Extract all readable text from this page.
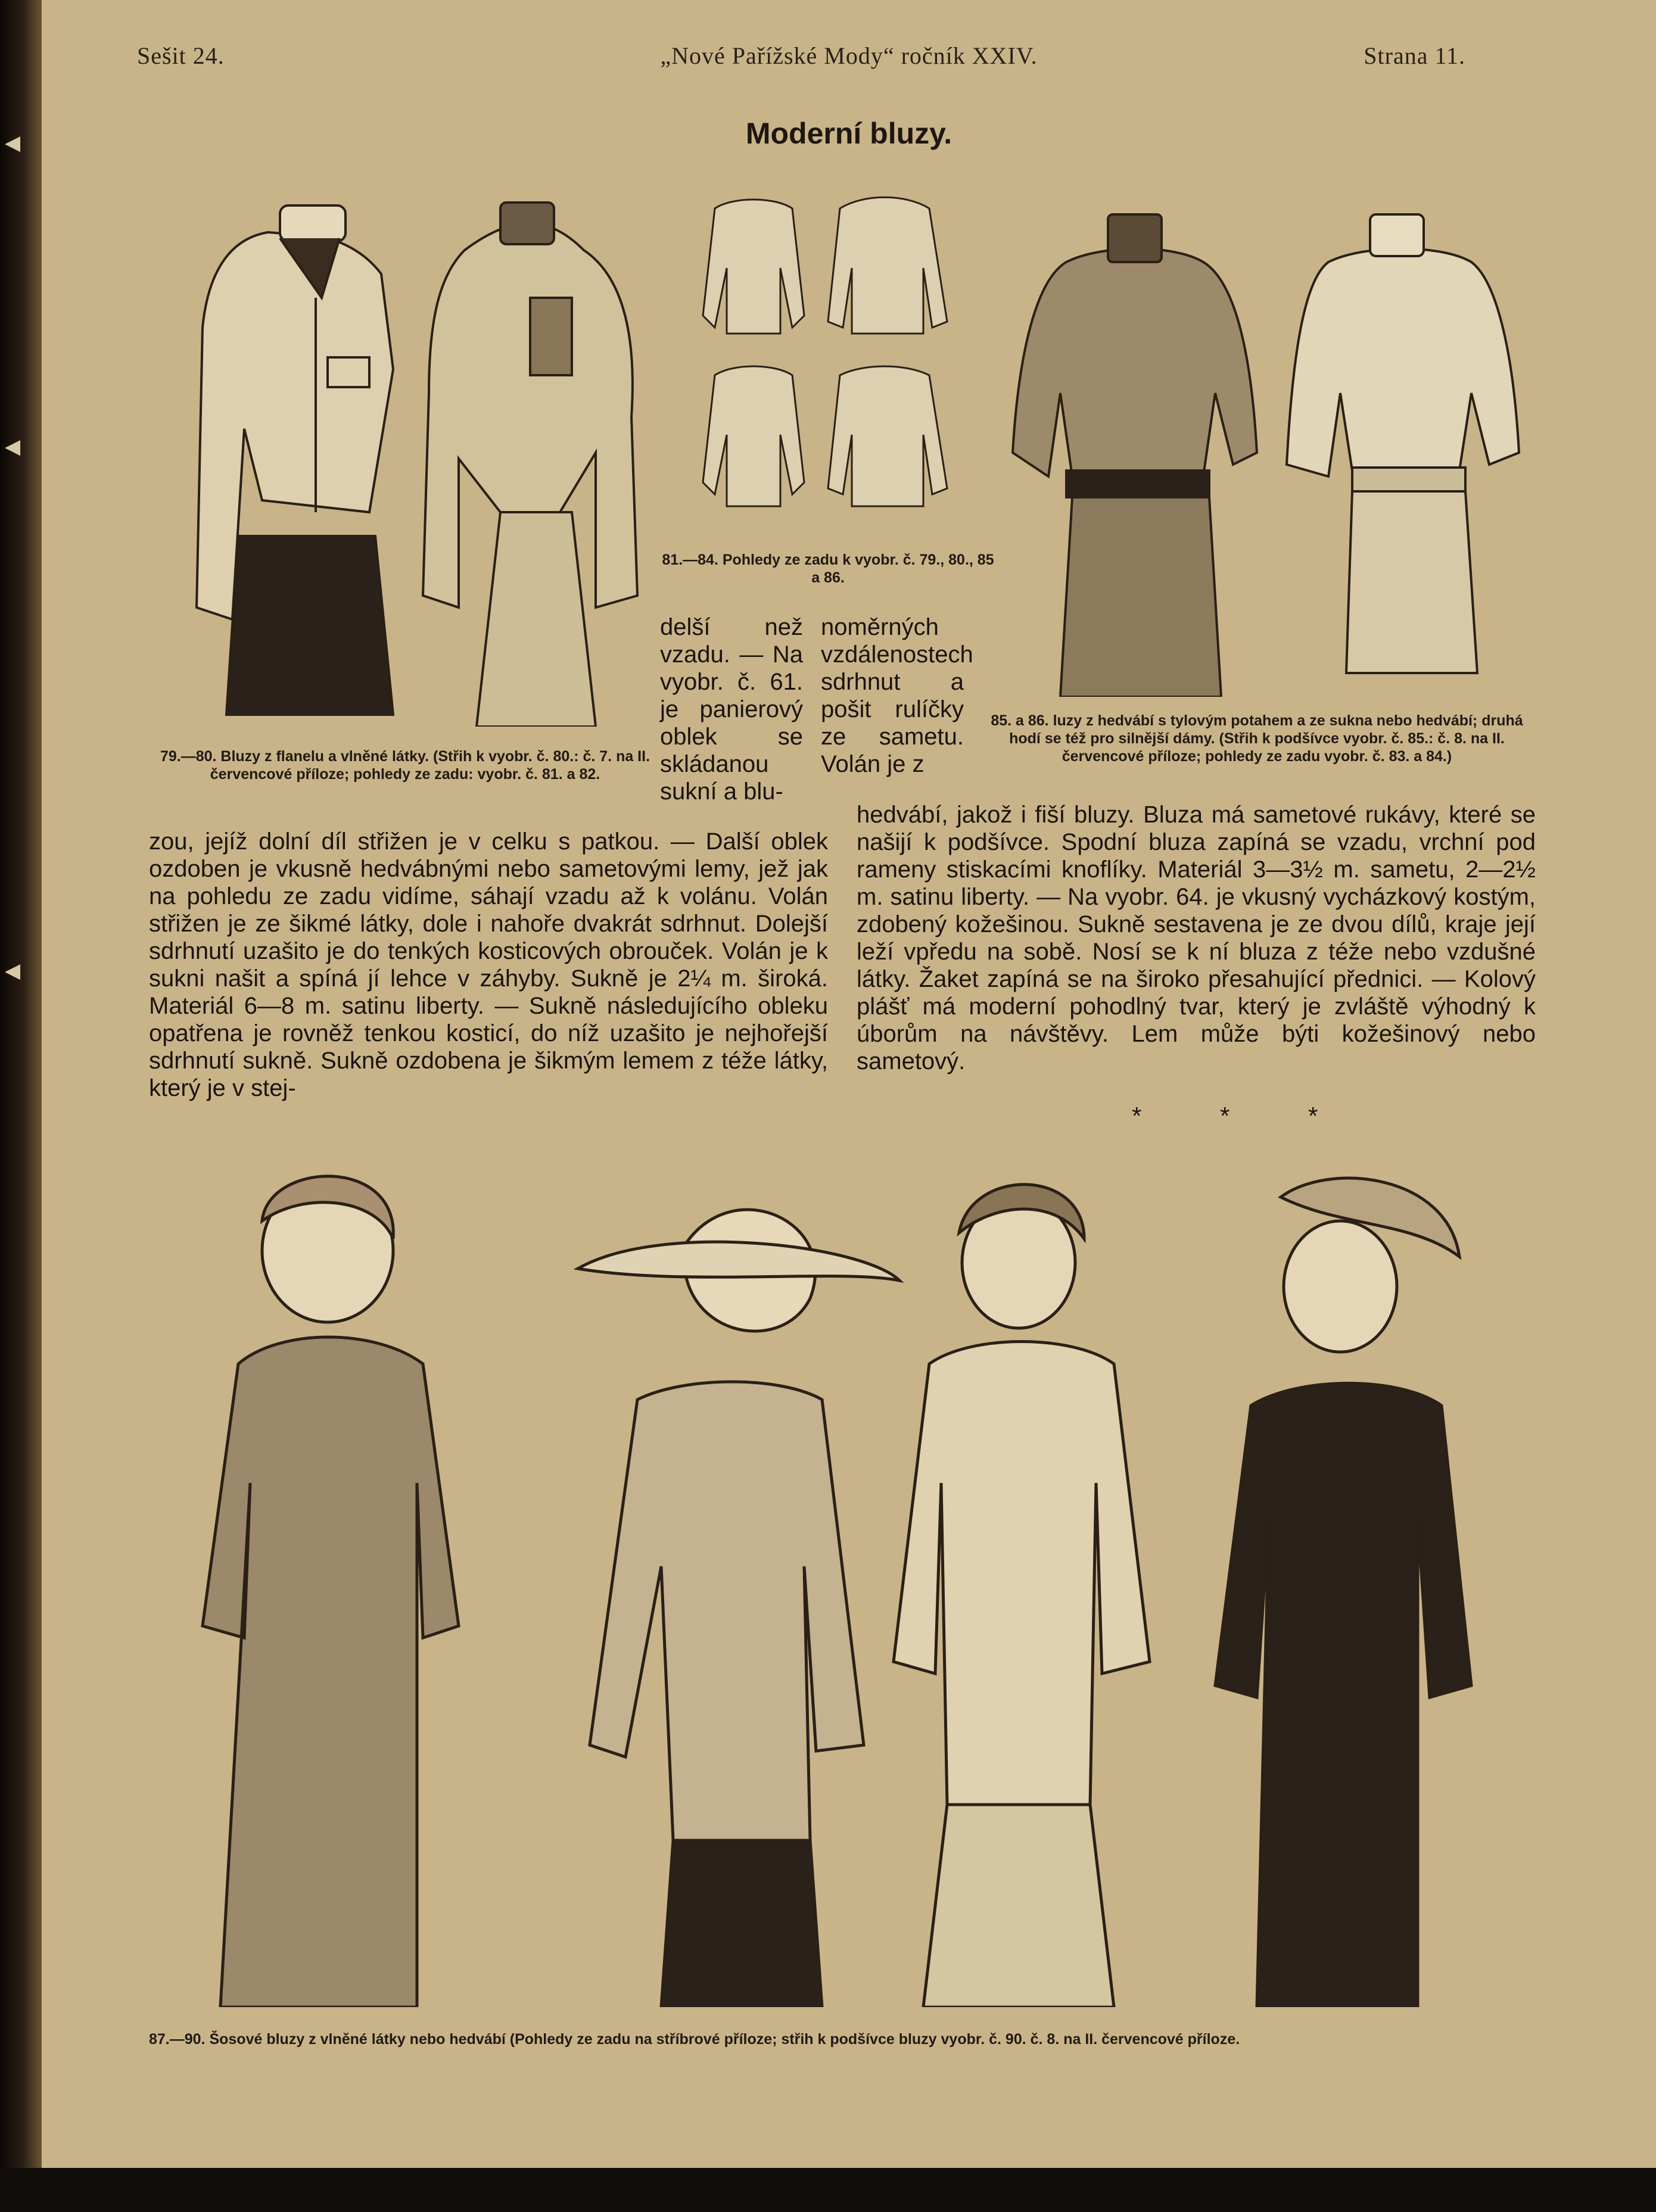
◀
◀
◀
Sešit 24.	„Nové Pařížské Mody“ ročník XXIV.	Strana 11.
Moderní bluzy.
79.—80. Bluzy z flanelu a vlněné látky. (Střih k vyobr. č. 80.: č. 7. na II. červencové příloze; pohledy ze zadu: vyobr. č. 81. a 82.
81.—84. Pohledy ze zadu k vyobr. č. 79., 80., 85 a 86.
85. a 86. luzy z hedvábí s tylovým potahem a ze sukna nebo hedvábí; druhá hodí se též pro silnější dámy. (Střih k podšívce vyobr. č. 85.: č. 8. na II. červencové příloze; pohledy ze zadu vyobr. č. 83. a 84.)
delší než vzadu. — Na vyobr. č. 61. je panierový oblek se skládanou sukní a blu-
noměrných vzdálenostech sdrhnut a pošit rulíčky ze sametu. Volán je z
zou, jejíž dolní díl střižen je v celku s patkou. — Další oblek ozdoben je vkusně hedvábnými nebo sametovými lemy, jež jak na pohledu ze zadu vidíme, sáhají vzadu až k volánu. Volán střižen je ze šikmé látky, dole i nahoře dvakrát sdrhnut. Dolejší sdrhnutí uzašito je do tenkých kosticových obrouček. Volán je k sukni našit a spíná jí lehce v záhyby. Sukně je 2¼ m. široká. Materiál 6—8 m. satinu liberty. — Sukně následujícího obleku opatřena je rovněž tenkou kosticí, do níž uzašito je nejhořejší sdrhnutí sukně. Sukně ozdobena je šikmým lemem z téže látky, který je v stej-
hedvábí, jakož i fiší bluzy. Bluza má sametové rukávy, které se našijí k podšívce. Spodní bluza zapíná se vzadu, vrchní pod rameny stiskacími knoflíky. Materiál 3—3½ m. sametu, 2—2½ m. satinu liberty. — Na vyobr. 64. je vkusný vycházkový kostým, zdobený kožešinou. Sukně sestavena je ze dvou dílů, kraje její leží vpředu na sobě. Nosí se k ní bluza z téže nebo vzdušné látky. Žaket zapíná se na široko přesahující přednici. — Kolový plášť má moderní pohodlný tvar, který je zvláště výhodný k úborům na návštěvy. Lem může býti kožešinový nebo sametový.
* * *
87.—90. Šosové bluzy z vlněné látky nebo hedvábí (Pohledy ze zadu na stříbrové příloze; střih k podšívce bluzy vyobr. č. 90. č. 8. na II. červencové příloze.
